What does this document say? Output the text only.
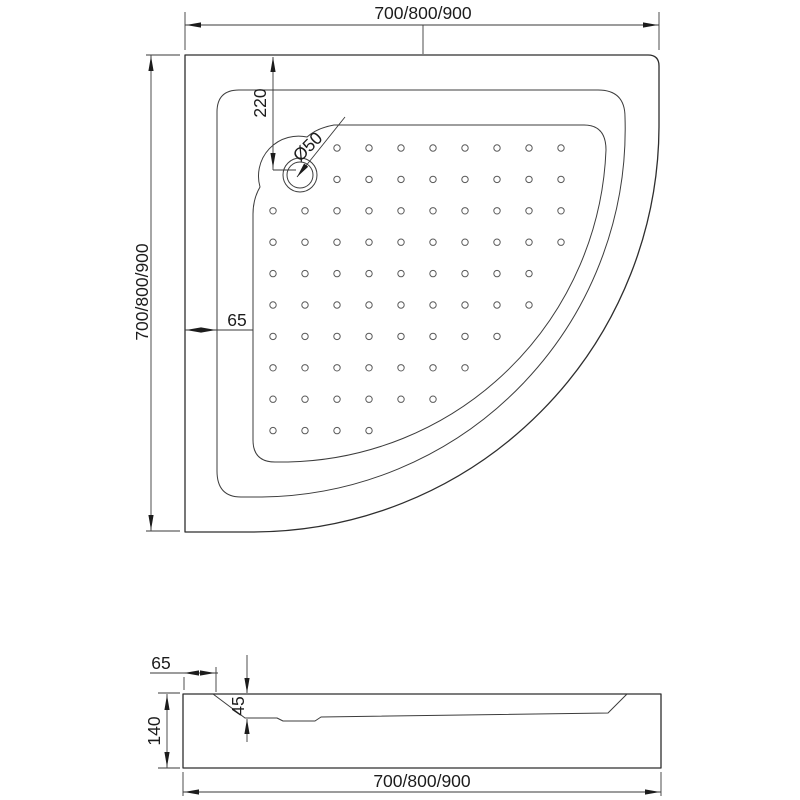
700/800/900
700/800/900
220
Ø50
65
65
45
140
700/800/900
